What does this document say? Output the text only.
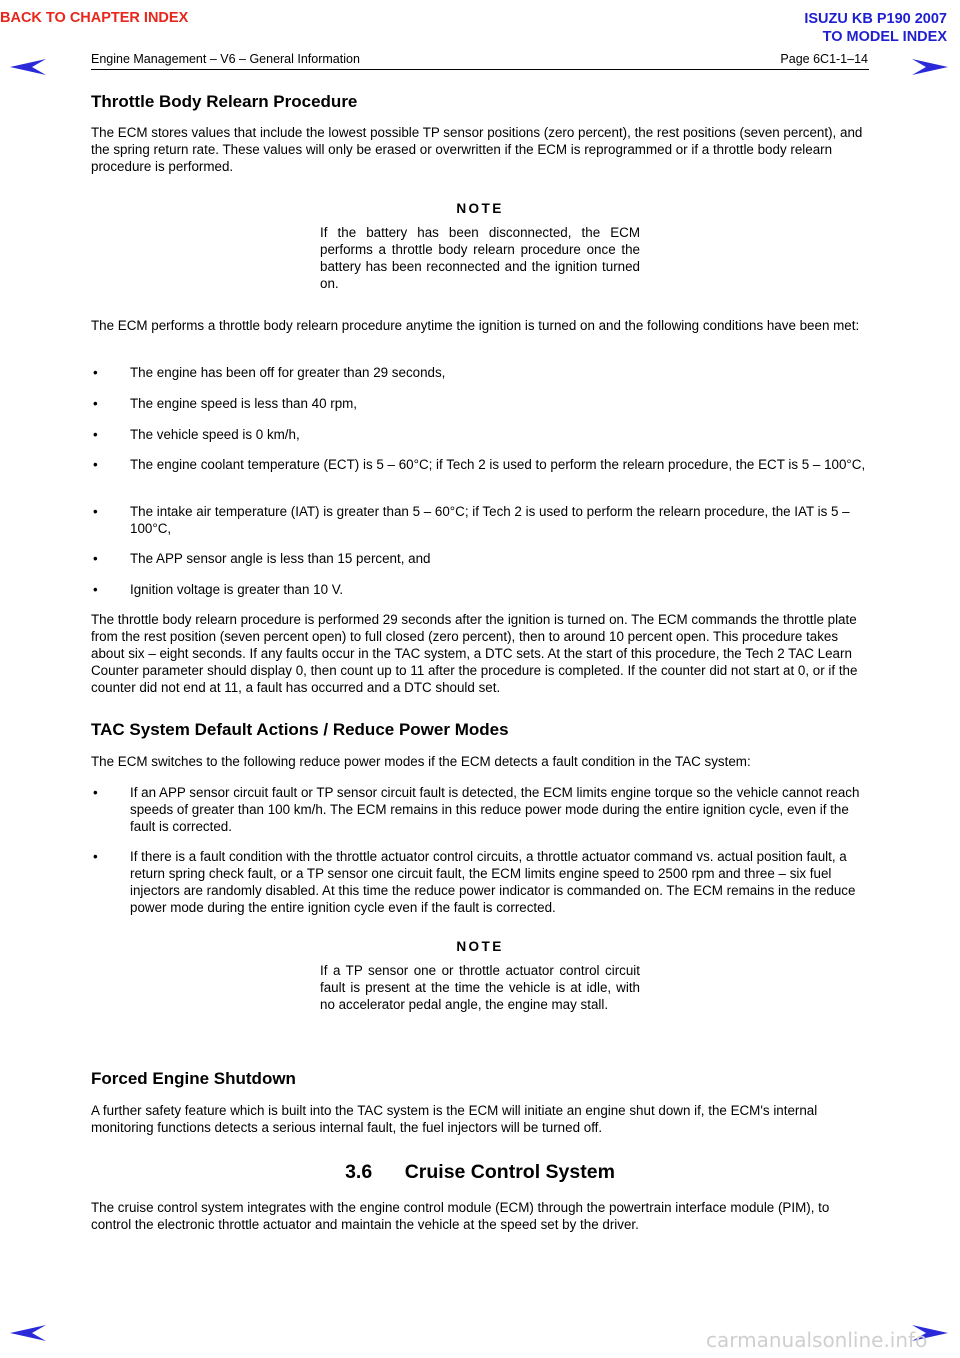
BACK TO CHAPTER INDEX	ISUZU KB P190 2007
TO MODEL INDEX
Engine Management – V6 – General Information	Page 6C1-1–14
Throttle Body Relearn Procedure

The ECM stores values that include the lowest possible TP sensor positions (zero percent), the rest positions (seven percent), and the spring return rate. These values will only be erased or overwritten if the ECM is reprogrammed or if a throttle body relearn procedure is performed.

NOTE
If the battery has been disconnected, the ECM performs a throttle body relearn procedure once the battery has been reconnected and the ignition turned on.

The ECM performs a throttle body relearn procedure anytime the ignition is turned on and the following conditions have been met:

•	The engine has been off for greater than 29 seconds,
•	The engine speed is less than 40 rpm,
•	The vehicle speed is 0 km/h,
•	The engine coolant temperature (ECT) is 5 – 60°C; if Tech 2 is used to perform the relearn procedure, the ECT is 5 – 100°C,
•	The intake air temperature (IAT) is greater than 5 – 60°C; if Tech 2 is used to perform the relearn procedure, the IAT is 5 – 100°C,
•	The APP sensor angle is less than 15 percent, and
•	Ignition voltage is greater than 10 V.

The throttle body relearn procedure is performed 29 seconds after the ignition is turned on. The ECM commands the throttle plate from the rest position (seven percent open) to full closed (zero percent), then to around 10 percent open. This procedure takes about six – eight seconds. If any faults occur in the TAC system, a DTC sets. At the start of this procedure, the Tech 2 TAC Learn Counter parameter should display 0, then count up to 11 after the procedure is completed. If the counter did not start at 0, or if the counter did not end at 11, a fault has occurred and a DTC should set.

TAC System Default Actions / Reduce Power Modes

The ECM switches to the following reduce power modes if the ECM detects a fault condition in the TAC system:

•	If an APP sensor circuit fault or TP sensor circuit fault is detected, the ECM limits engine torque so the vehicle cannot reach speeds of greater than 100 km/h. The ECM remains in this reduce power mode during the entire ignition cycle, even if the fault is corrected.
•	If there is a fault condition with the throttle actuator control circuits, a throttle actuator command vs. actual position fault, a return spring check fault, or a TP sensor one circuit fault, the ECM limits engine speed to 2500 rpm and three – six fuel injectors are randomly disabled. At this time the reduce power indicator is commanded on. The ECM remains in the reduce power mode during the entire ignition cycle even if the fault is corrected.
NOTE
If a TP sensor one or throttle actuator control circuit fault is present at the time the vehicle is at idle, with no accelerator pedal angle, the engine may stall.
Forced Engine Shutdown

A further safety feature which is built into the TAC system is the ECM will initiate an engine shut down if, the ECM's internal monitoring functions detects a serious internal fault, the fuel injectors will be turned off.

3.6      Cruise Control System

The cruise control system integrates with the engine control module (ECM) through the powertrain interface module (PIM), to control the electronic throttle actuator and maintain the vehicle at the speed set by the driver.

carmanualsonline.info
